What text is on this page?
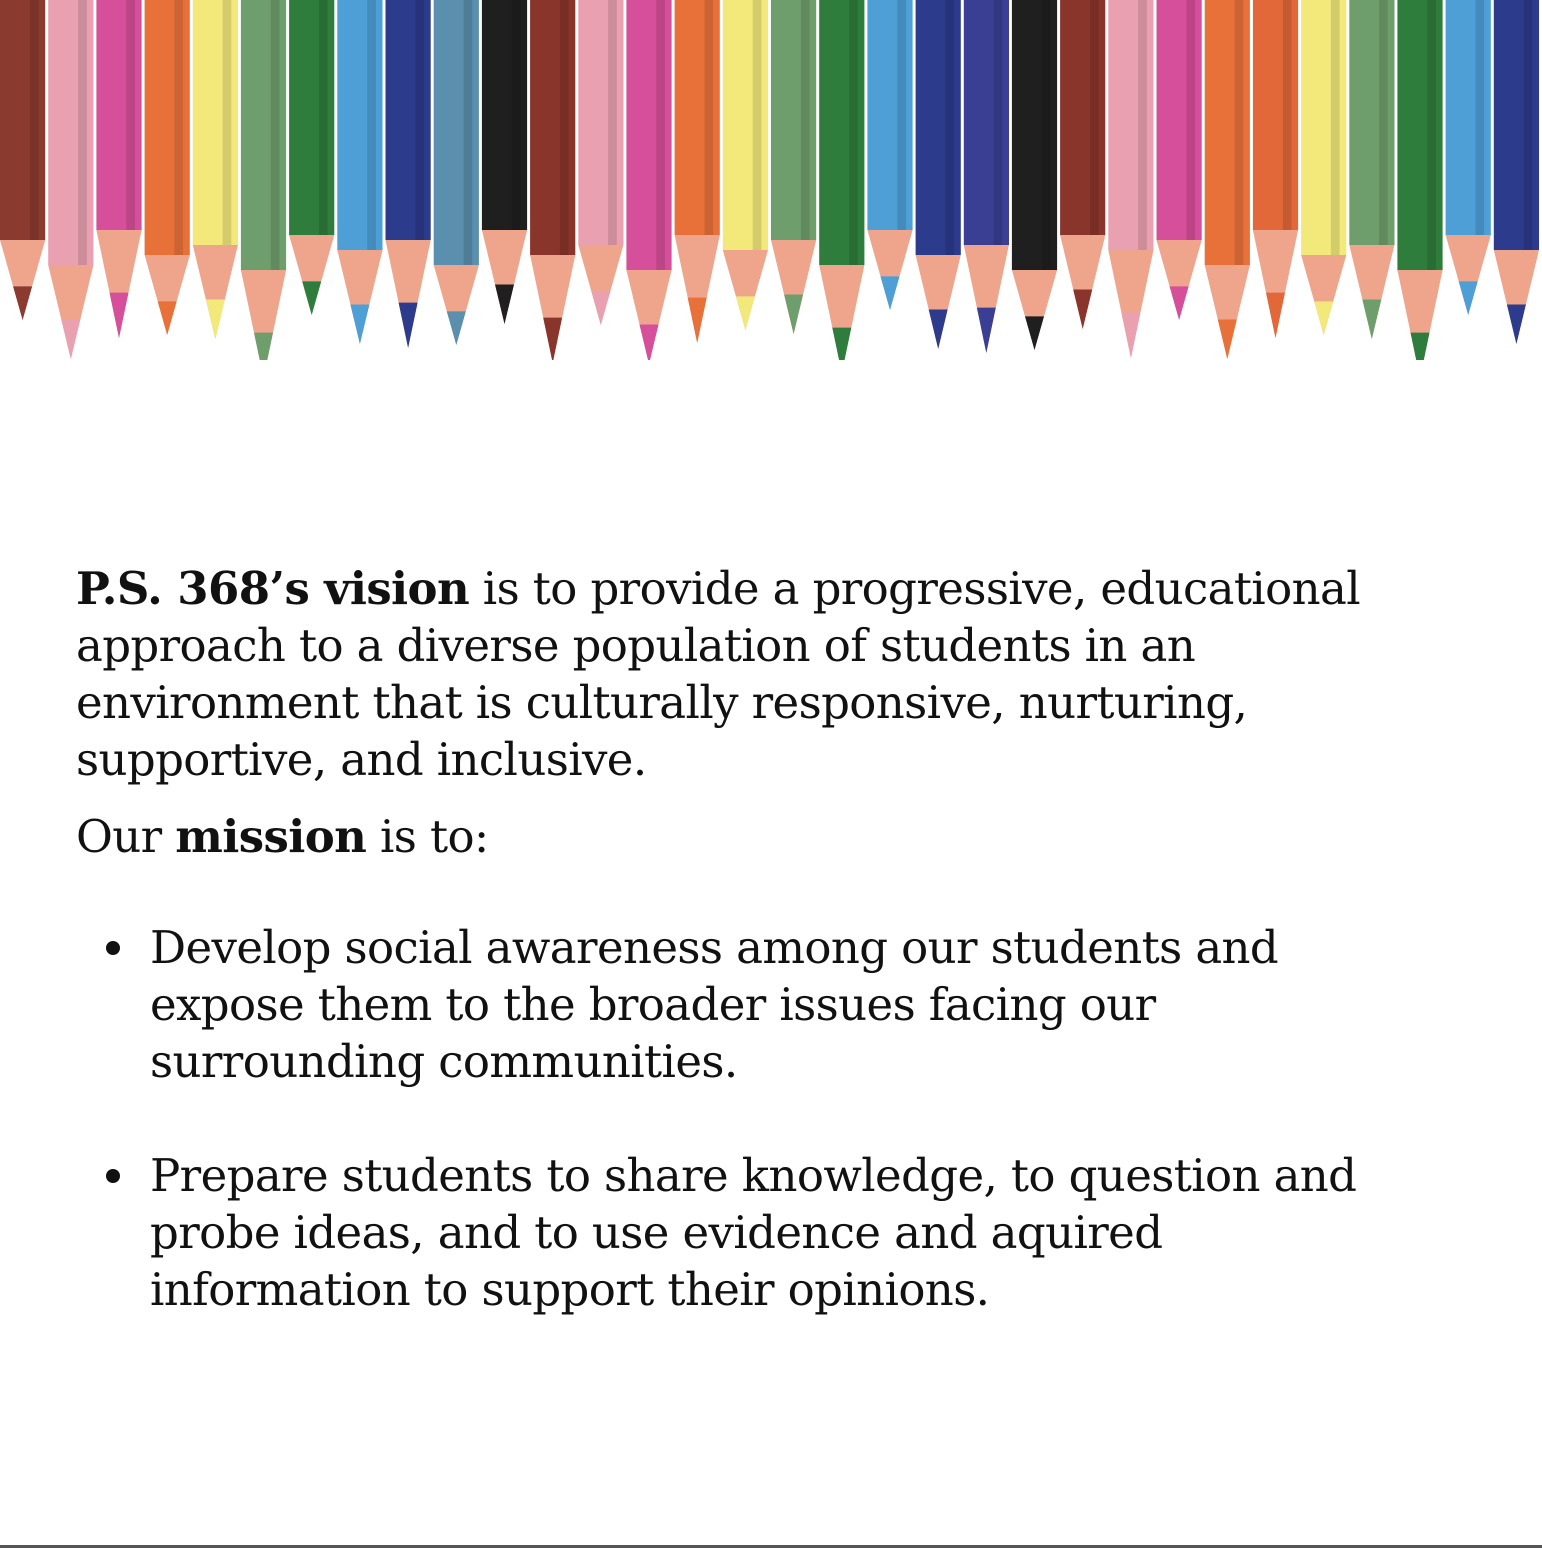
P.S. 368’s vision is to provide a progressive, educational approach to a diverse population of students in an environment that is culturally responsive, nurturing, supportive, and inclusive.

Our mission is to:

Develop social awareness among our students and expose them to the broader issues facing our surrounding communities.
Prepare students to share knowledge, to question and probe ideas, and to use evidence and aquired information to support their opinions.
